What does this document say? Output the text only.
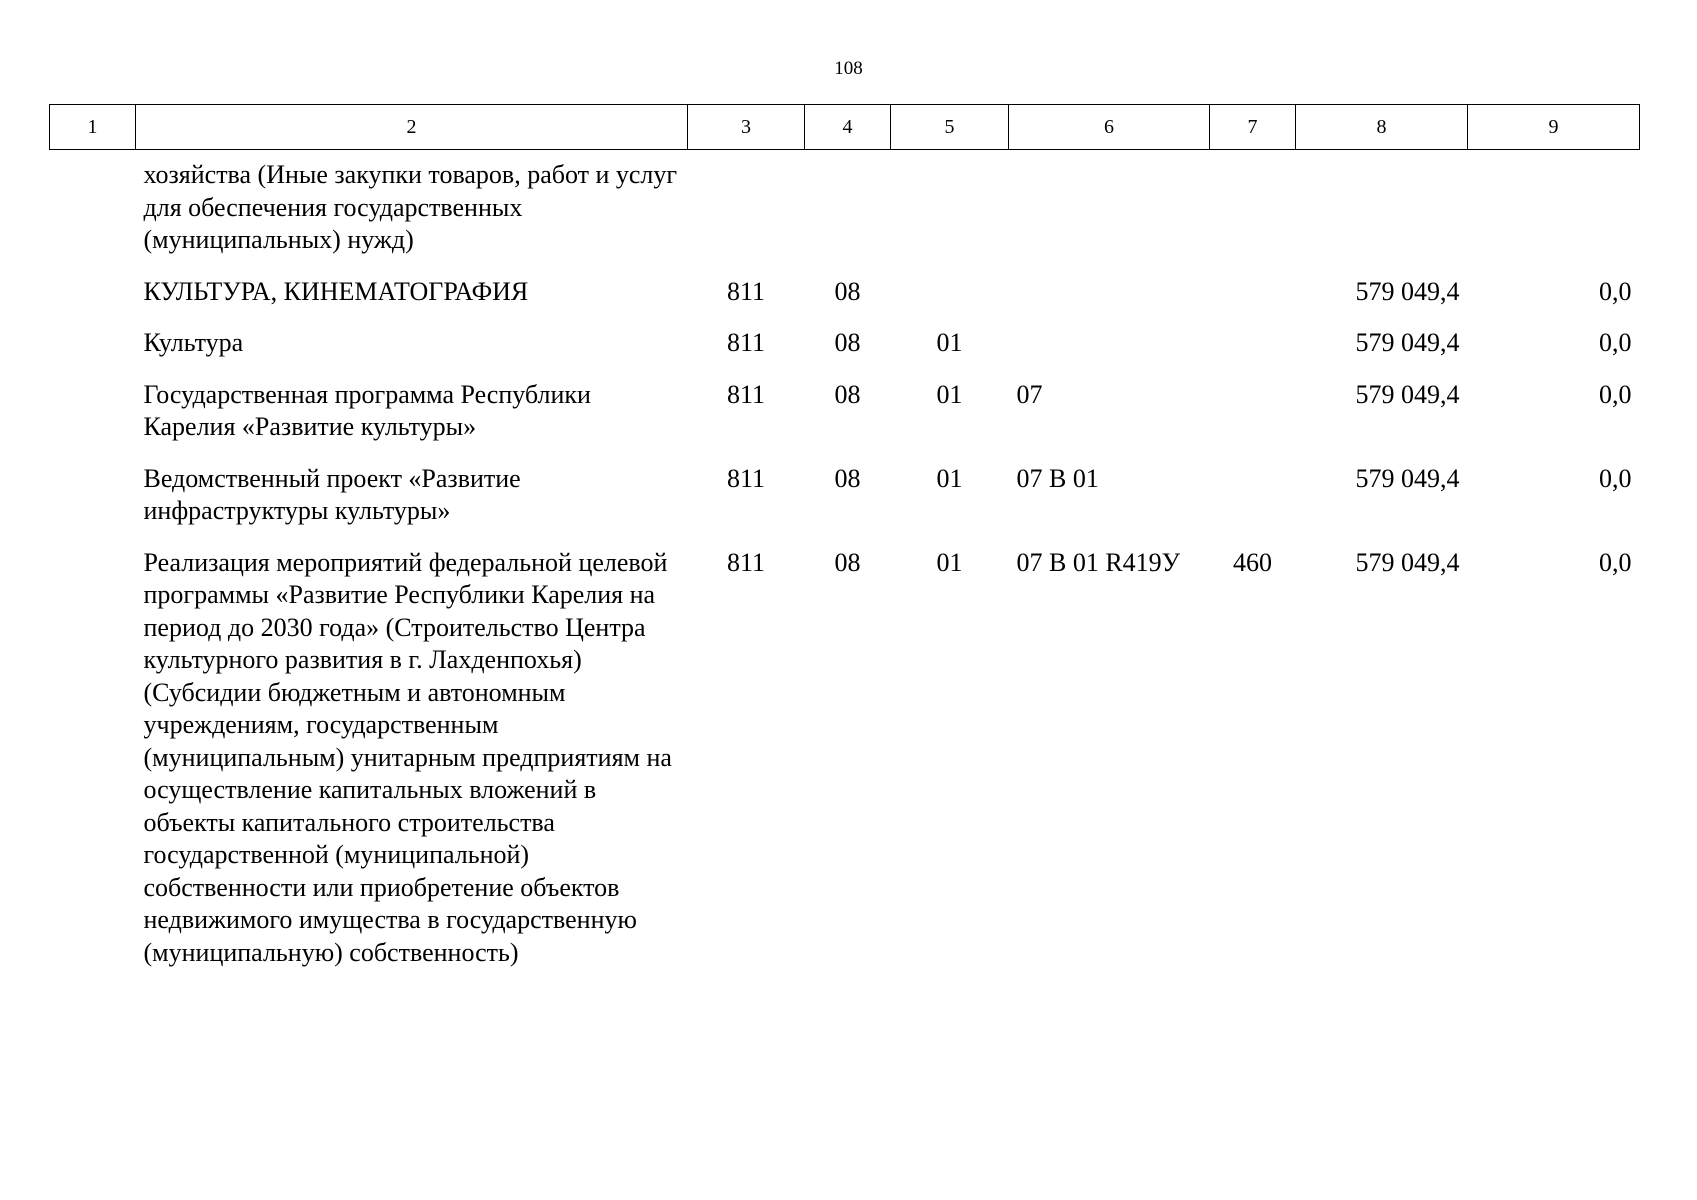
108
1	2	3	4	5	6	7	8	9
	хозяйства (Иные закупки товаров, работ и услуг для обеспечения государственных (муниципальных) нужд)							
	КУЛЬТУРА, КИНЕМАТОГРАФИЯ	811	08				579 049,4	0,0
	Культура	811	08	01			579 049,4	0,0
	Государственная программа Республики Карелия «Развитие культуры»	811	08	01	07		579 049,4	0,0
	Ведомственный проект «Развитие инфраструктуры культуры»	811	08	01	07 В 01		579 049,4	0,0
	Реализация мероприятий федеральной целевой программы «Развитие Республики Карелия на период до 2030 года» (Строительство Центра культурного развития в г. Лахденпохья) (Субсидии бюджетным и автономным учреждениям, государственным (муниципальным) унитарным предприятиям на осуществление капитальных вложений в объекты капитального строительства государственной (муниципальной) собственности или приобретение объектов недвижимого имущества в государственную (муниципальную) собственность)	811	08	01	07 В 01 R419У	460	579 049,4	0,0
